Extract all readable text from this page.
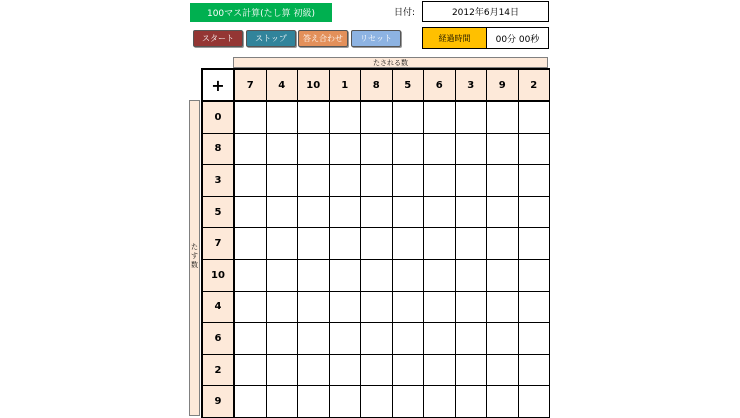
100マス計算(たし算 初級)	日付:	2012年6月14日
スタート	ストップ	答え合わせ	リセット	経過時間	00分 00秒
たされる数
た
す
数
+	7	4	10	1	8	5	6	3	9	2
0
8
3
5
7
10
4
6
2
9
